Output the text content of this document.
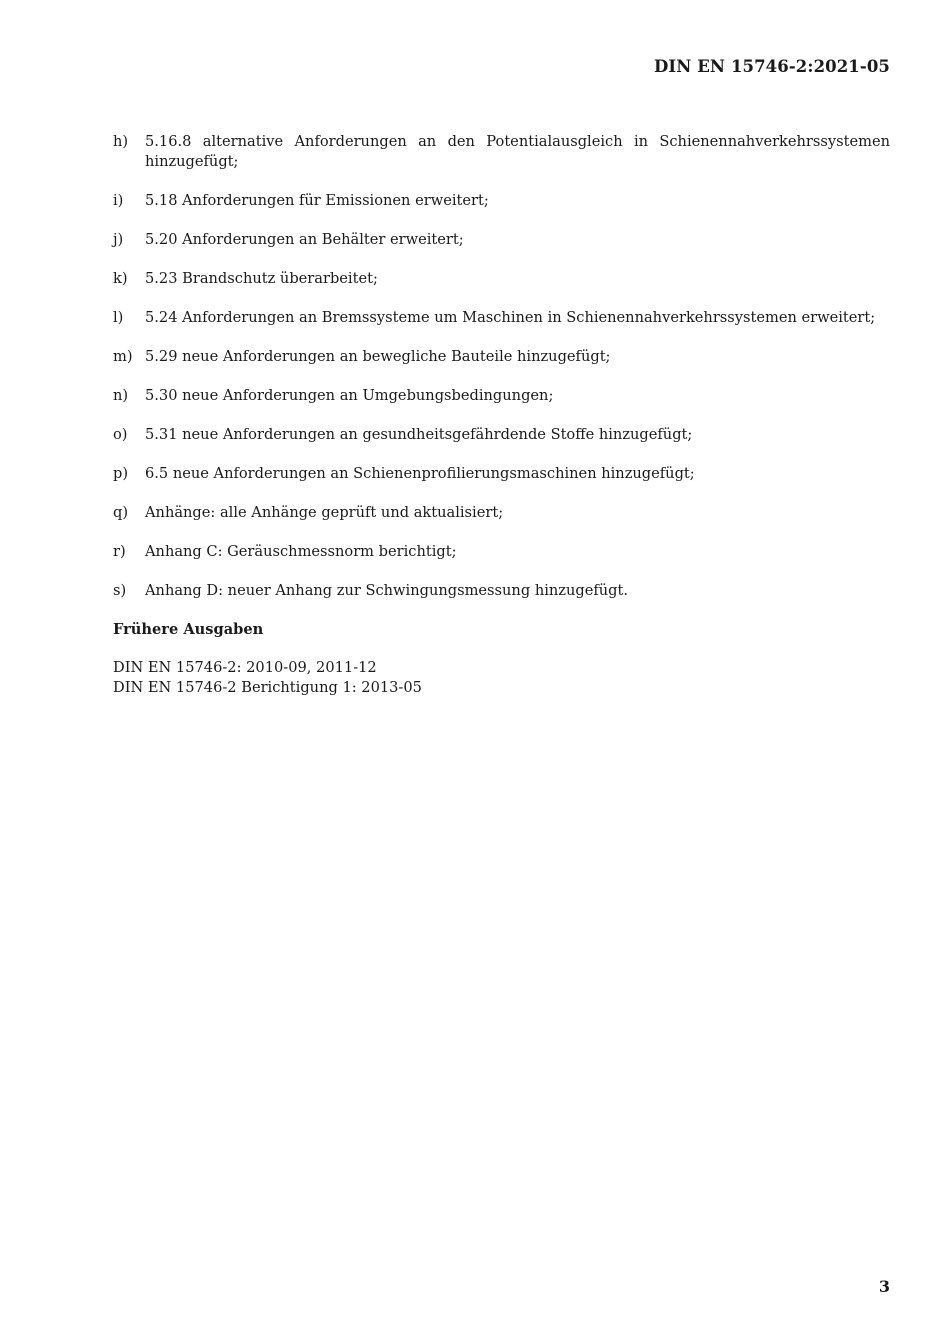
DIN EN 15746-2:2021-05
h)	5.16.8 alternative Anforderungen an den Potentialausgleich in Schienennahverkehrssystemen hinzugefügt;
i)	5.18 Anforderungen für Emissionen erweitert;
j)	5.20 Anforderungen an Behälter erweitert;
k)	5.23 Brandschutz überarbeitet;
l)	5.24 Anforderungen an Bremssysteme um Maschinen in Schienennahverkehrssystemen erweitert;
m) 5.29 neue Anforderungen an bewegliche Bauteile hinzugefügt;
n)	5.30 neue Anforderungen an Umgebungsbedingungen;
o)	5.31 neue Anforderungen an gesundheitsgefährdende Stoffe hinzugefügt;
p)	6.5 neue Anforderungen an Schienenprofilierungsmaschinen hinzugefügt;
q)	Anhänge: alle Anhänge geprüft und aktualisiert;
r)	Anhang C: Geräuschmessnorm berichtigt;
s)	Anhang D: neuer Anhang zur Schwingungsmessung hinzugefügt.
Frühere Ausgaben

DIN EN 15746-2: 2010-09, 2011-12

DIN EN 15746-2 Berichtigung 1: 2013-05

3
